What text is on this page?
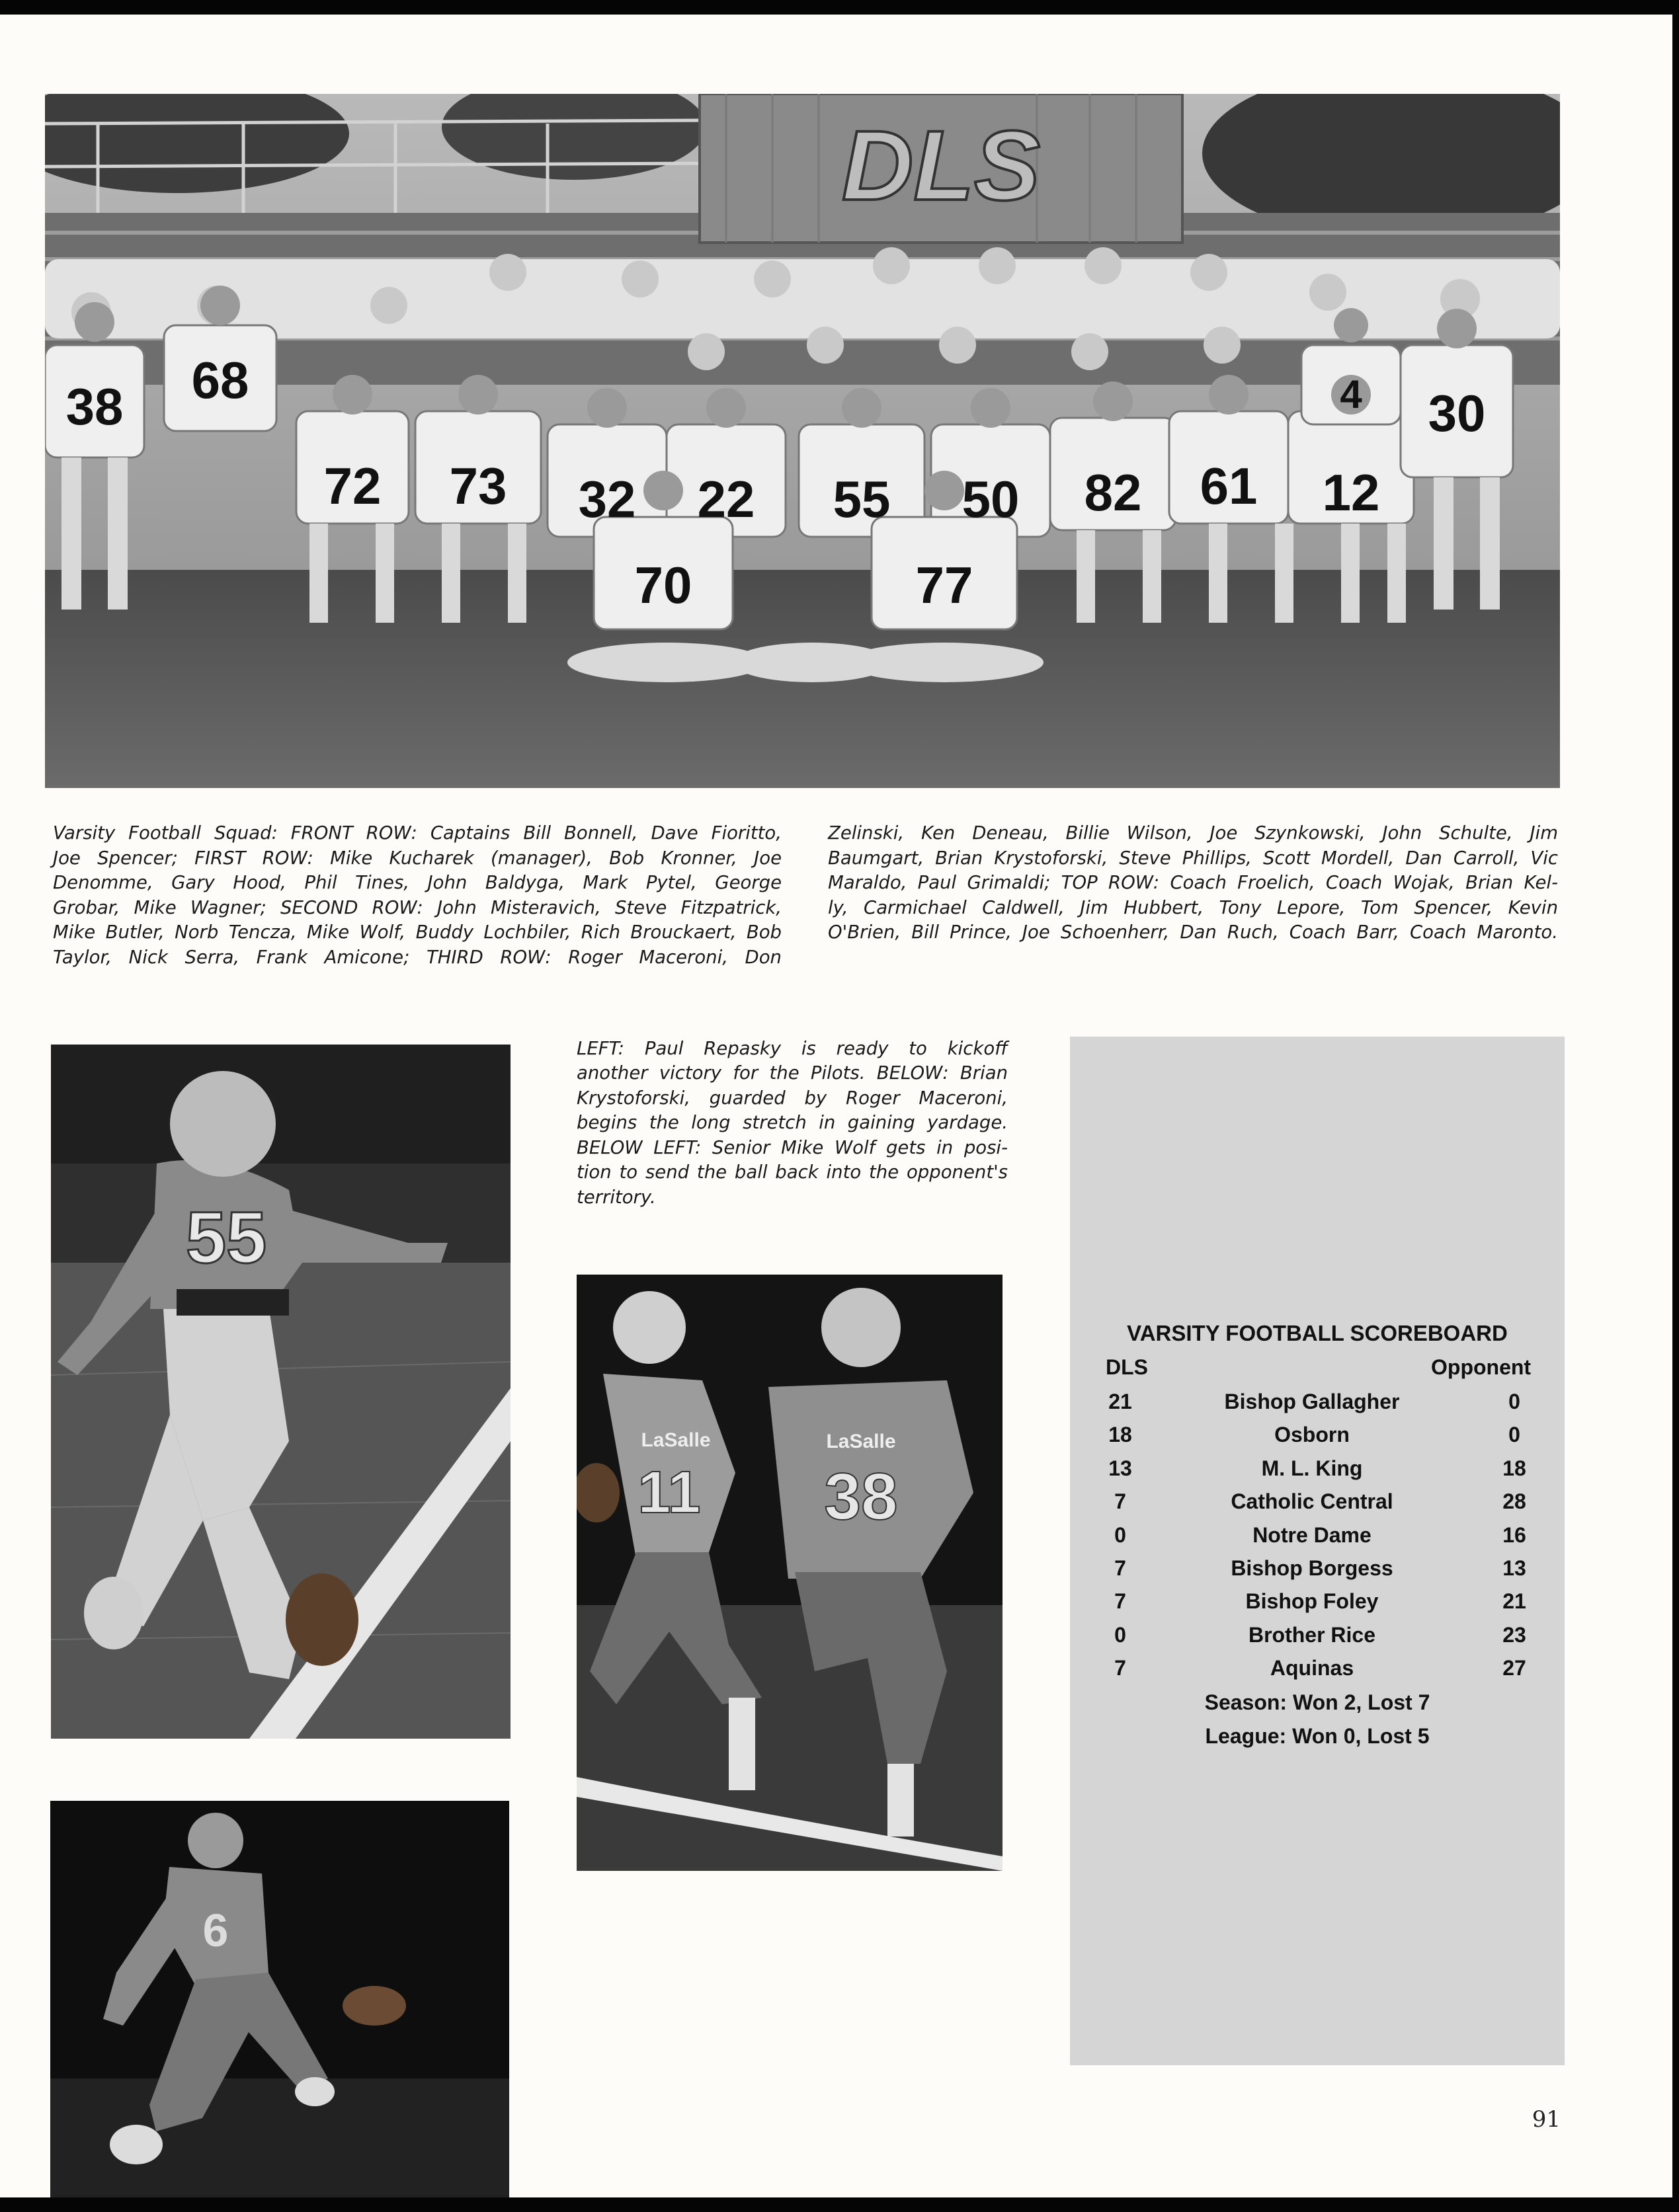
DLS
38 68
72 73 32 22 55 50 82 61 12
30
70	77
4

Varsity Football Squad: FRONT ROW: Captains Bill Bonnell, Dave Fioritto,

Joe Spencer; FIRST ROW: Mike Kucharek (manager), Bob Kronner, Joe

Denomme, Gary Hood, Phil Tines, John Baldyga, Mark Pytel, George

Grobar, Mike Wagner; SECOND ROW: John Misteravich, Steve Fitzpatrick,

Mike Butler, Norb Tencza, Mike Wolf, Buddy Lochbiler, Rich Brouckaert, Bob

Taylor, Nick Serra, Frank Amicone; THIRD ROW: Roger Maceroni, Don

Zelinski, Ken Deneau, Billie Wilson, Joe Szynkowski, John Schulte, Jim

Baumgart, Brian Krystoforski, Steve Phillips, Scott Mordell, Dan Carroll, Vic

Maraldo, Paul Grimaldi; TOP ROW: Coach Froelich, Coach Wojak, Brian Kel-

ly, Carmichael Caldwell, Jim Hubbert, Tony Lepore, Tom Spencer, Kevin

O'Brien, Bill Prince, Joe Schoenherr, Dan Ruch, Coach Barr, Coach Maronto.

55

LEFT: Paul Repasky is ready to kickoff

another victory for the Pilots. BELOW: Brian

Krystoforski, guarded by Roger Maceroni,

begins the long stretch in gaining yardage.

BELOW LEFT: Senior Mike Wolf gets in posi-

tion to send the ball back into the opponent's

territory.

LaSalle	LaSalle
11 38
6
VARSITY FOOTBALL SCOREBOARD
DLS	Opponent
21	Bishop Gallagher	0
18	Osborn	0
13	M. L. King	18
7	Catholic Central	28
0	Notre Dame	16
7	Bishop Borgess	13
7	Bishop Foley	21
0	Brother Rice	23
7	Aquinas	27
Season: Won 2, Lost 7
League: Won 0, Lost 5
91
